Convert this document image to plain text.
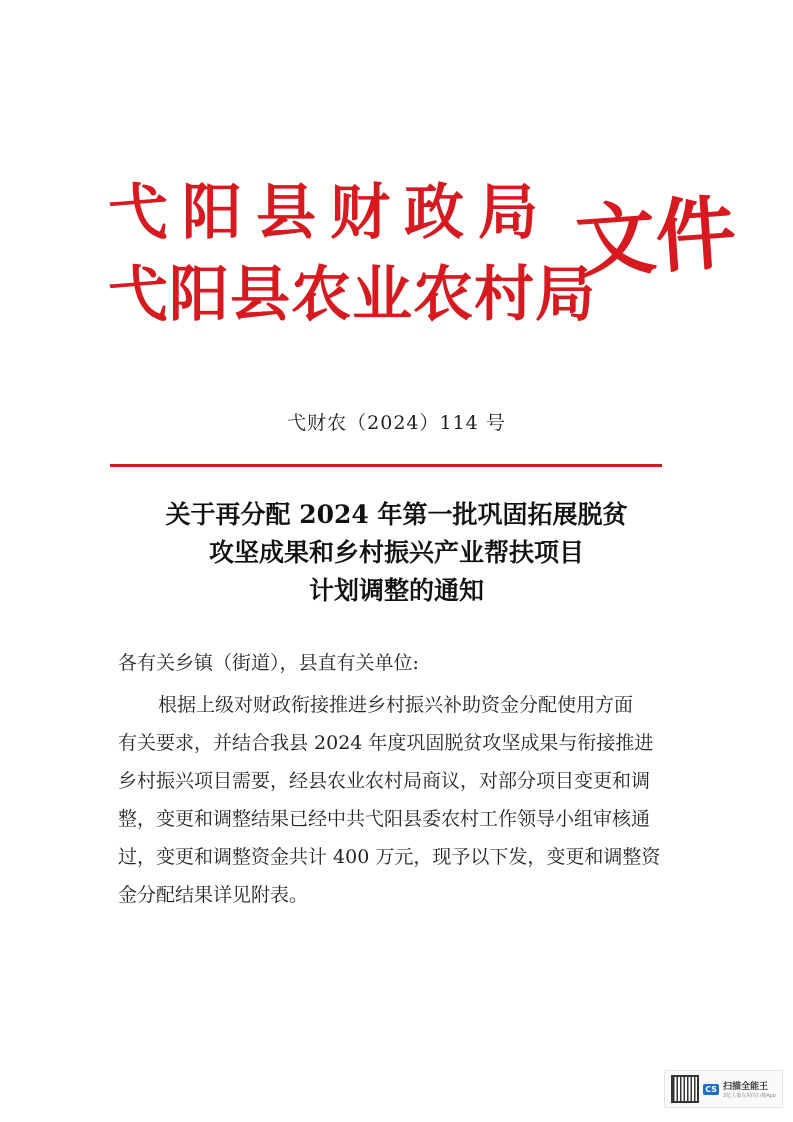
弋阳县财政局
弋阳县农业农村局
文件
弋财农（2024）114 号
关于再分配 2024 年第一批巩固拓展脱贫
攻坚成果和乡村振兴产业帮扶项目
计划调整的通知
各有关乡镇（街道），县直有关单位:
根据上级对财政衔接推进乡村振兴补助资金分配使用方面
有关要求，并结合我县 2024 年度巩固脱贫攻坚成果与衔接推进
乡村振兴项目需要，经县农业农村局商议，对部分项目变更和调
整，变更和调整结果已经中共弋阳县委农村工作领导小组审核通
过，变更和调整资金共计 400 万元，现予以下发，变更和调整资
金分配结果详见附表。
CS 扫描全能王
3亿人都在用的扫描App
